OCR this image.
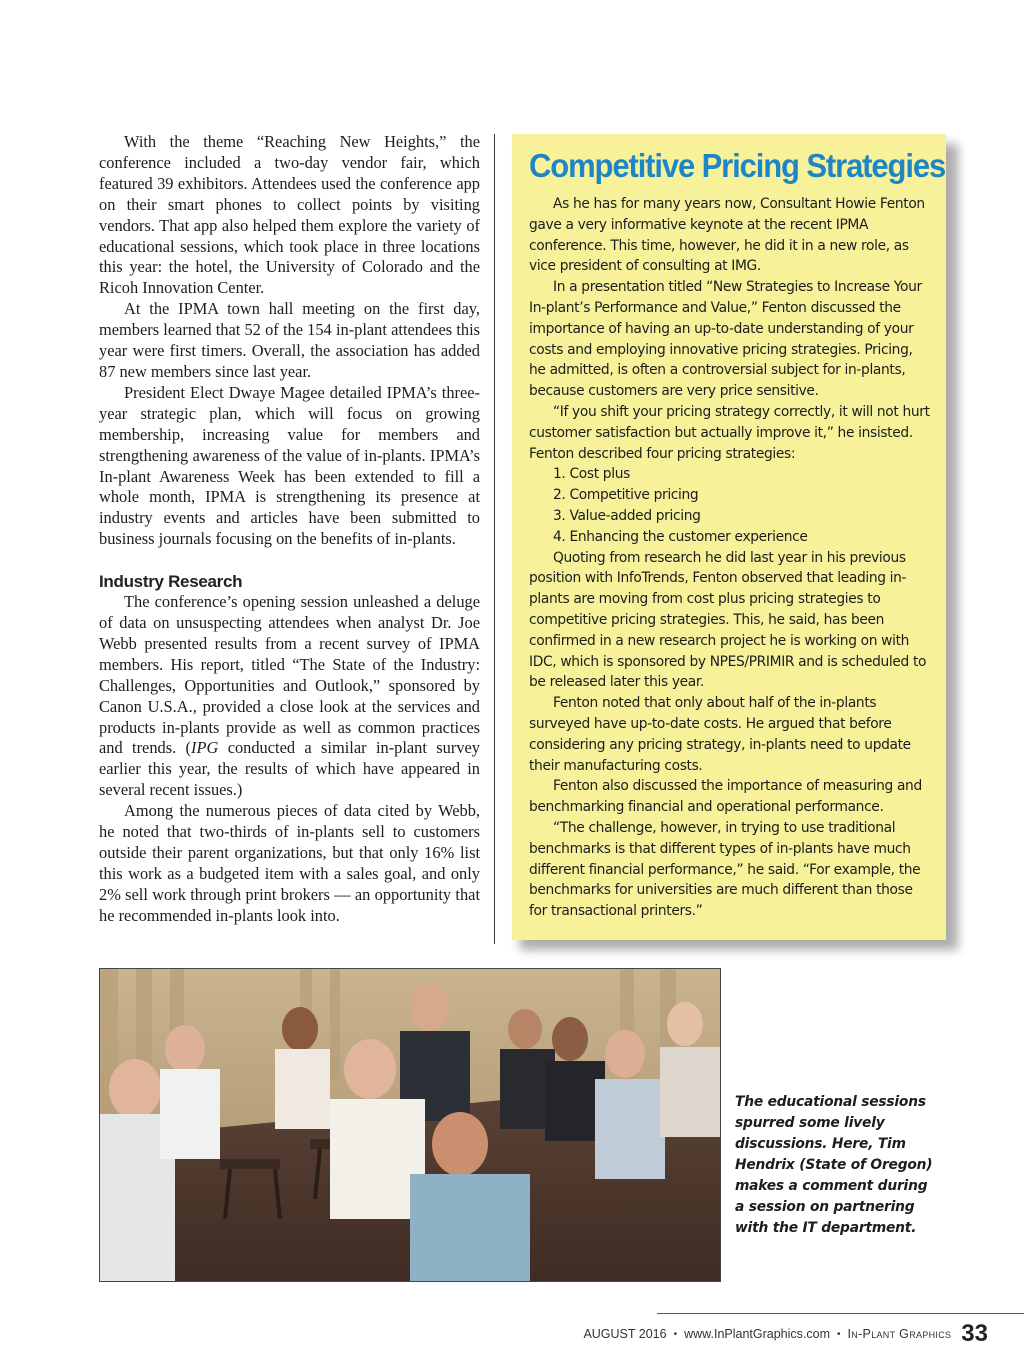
With the theme “Reaching New Heights,” the conference included a two-day vendor fair, which featured 39 exhibitors. Attendees used the conference app on their smart phones to collect points by visiting vendors. That app also helped them explore the variety of educational sessions, which took place in three locations this year: the hotel, the University of Colorado and the Ricoh Innovation Center.

At the IPMA town hall meeting on the first day, members learned that 52 of the 154 in-plant attendees this year were first timers. Overall, the association has added 87 new members since last year.

President Elect Dwaye Magee detailed IPMA’s three-year strategic plan, which will focus on growing membership, increasing value for members and strengthening awareness of the value of in-plants. IPMA’s In-plant Awareness Week has been extended to fill a whole month, IPMA is strengthening its presence at industry events and articles have been submitted to business journals focusing on the benefits of in-plants.

Industry Research

The conference’s opening session unleashed a deluge of data on unsuspecting attendees when analyst Dr. Joe Webb presented results from a recent survey of IPMA members. His report, titled “The State of the Industry: Challenges, Opportunities and Outlook,” sponsored by Canon U.S.A., provided a close look at the services and products in-plants provide as well as common practices and trends. (IPG conducted a similar in-plant survey earlier this year, the results of which have appeared in several recent issues.)

Among the numerous pieces of data cited by Webb, he noted that two-thirds of in-plants sell to customers outside their parent organizations, but that only 16% list this work as a budgeted item with a sales goal, and only 2% sell work through print brokers — an opportunity that he recommended in-plants look into.

Competitive Pricing Strategies

As he has for many years now, Consultant Howie Fenton gave a very informative keynote at the recent IPMA conference. This time, however, he did it in a new role, as vice president of consulting at IMG.

In a presentation titled “New Strategies to Increase Your In-plant’s Performance and Value,” Fenton discussed the importance of having an up-to-date understanding of your costs and employing innovative pricing strategies. Pricing, he admitted, is often a controversial subject for in-plants, because customers are very price sensitive.

“If you shift your pricing strategy correctly, it will not hurt customer satisfaction but actually improve it,” he insisted. Fenton described four pricing strategies:

1. Cost plus
2. Competitive pricing
3. Value-added pricing
4. Enhancing the customer experience

Quoting from research he did last year in his previous position with InfoTrends, Fenton observed that leading in-plants are moving from cost plus pricing strategies to competitive pricing strategies. This, he said, has been confirmed in a new research project he is working on with IDC, which is sponsored by NPES/PRIMIR and is scheduled to be released later this year.

Fenton noted that only about half of the in-plants surveyed have up-to-date costs. He argued that before considering any pricing strategy, in-plants need to update their manufacturing costs.

Fenton also discussed the importance of measuring and benchmarking financial and operational performance.

“The challenge, however, in trying to use traditional benchmarks is that different types of in-plants have much different financial performance,” he said. “For example, the benchmarks for universities are much different than those for transactional printers.”

The educational sessions spurred some lively discussions. Here, Tim Hendrix (State of Oregon) makes a comment during a session on partnering with the IT department.
AUGUST 2016 • www.InPlantGraphics.com • In-Plant Graphics 33
